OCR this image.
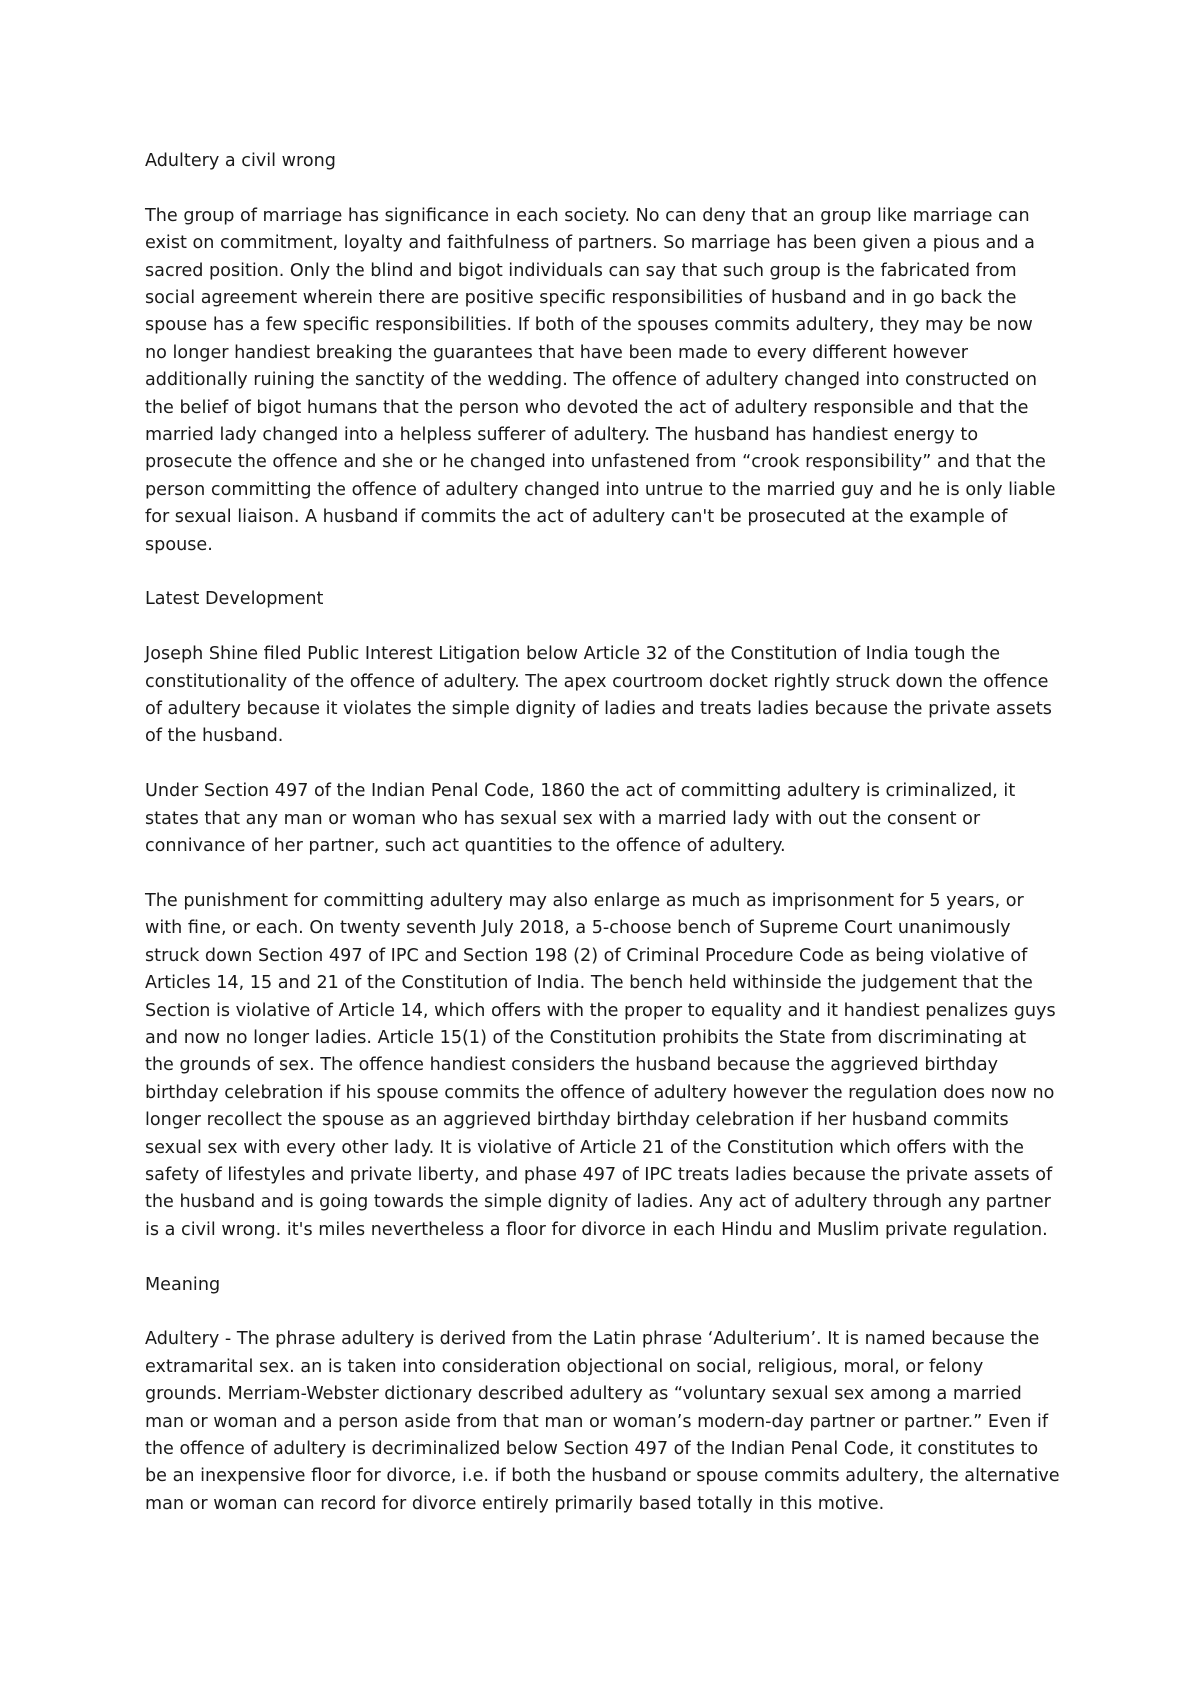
Adultery a civil wrong
The group of marriage has significance in each society. No can deny that an group like marriage can exist on commitment, loyalty and faithfulness of partners. So marriage has been given a pious and a sacred position. Only the blind and bigot individuals can say that such group is the fabricated from social agreement wherein there are positive specific responsibilities of husband and in go back the spouse has a few specific responsibilities. If both of the spouses commits adultery, they may be now no longer handiest breaking the guarantees that have been made to every different however additionally ruining the sanctity of the wedding. The offence of adultery changed into constructed on the belief of bigot humans that the person who devoted the act of adultery responsible and that the married lady changed into a helpless sufferer of adultery. The husband has handiest energy to prosecute the offence and she or he changed into unfastened from “crook responsibility” and that the person committing the offence of adultery changed into untrue to the married guy and he is only liable for sexual liaison. A husband if commits the act of adultery can't be prosecuted at the example of spouse.
Latest Development
Joseph Shine filed Public Interest Litigation below Article 32 of the Constitution of India tough the constitutionality of the offence of adultery. The apex courtroom docket rightly struck down the offence of adultery because it violates the simple dignity of ladies and treats ladies because the private assets of the husband.
Under Section 497 of the Indian Penal Code, 1860 the act of committing adultery is criminalized, it states that any man or woman who has sexual sex with a married lady with out the consent or connivance of her partner, such act quantities to the offence of adultery.
The punishment for committing adultery may also enlarge as much as imprisonment for 5 years, or with fine, or each. On twenty seventh July 2018, a 5-choose bench of Supreme Court unanimously struck down Section 497 of IPC and Section 198 (2) of Criminal Procedure Code as being violative of Articles 14, 15 and 21 of the Constitution of India. The bench held withinside the judgement that the Section is violative of Article 14, which offers with the proper to equality and it handiest penalizes guys and now no longer ladies. Article 15(1) of the Constitution prohibits the State from discriminating at the grounds of sex. The offence handiest considers the husband because the aggrieved birthday birthday celebration if his spouse commits the offence of adultery however the regulation does now no longer recollect the spouse as an aggrieved birthday birthday celebration if her husband commits sexual sex with every other lady. It is violative of Article 21 of the Constitution which offers with the safety of lifestyles and private liberty, and phase 497 of IPC treats ladies because the private assets of the husband and is going towards the simple dignity of ladies. Any act of adultery through any partner is a civil wrong. it's miles nevertheless a floor for divorce in each Hindu and Muslim private regulation.
Meaning
Adultery - The phrase adultery is derived from the Latin phrase ‘Adulterium’. It is named because the extramarital sex. an is taken into consideration objectional on social, religious, moral, or felony grounds. Merriam-Webster dictionary described adultery as “voluntary sexual sex among a married man or woman and a person aside from that man or woman’s modern-day partner or partner.” Even if the offence of adultery is decriminalized below Section 497 of the Indian Penal Code, it constitutes to be an inexpensive floor for divorce, i.e. if both the husband or spouse commits adultery, the alternative man or woman can record for divorce entirely primarily based totally in this motive.
